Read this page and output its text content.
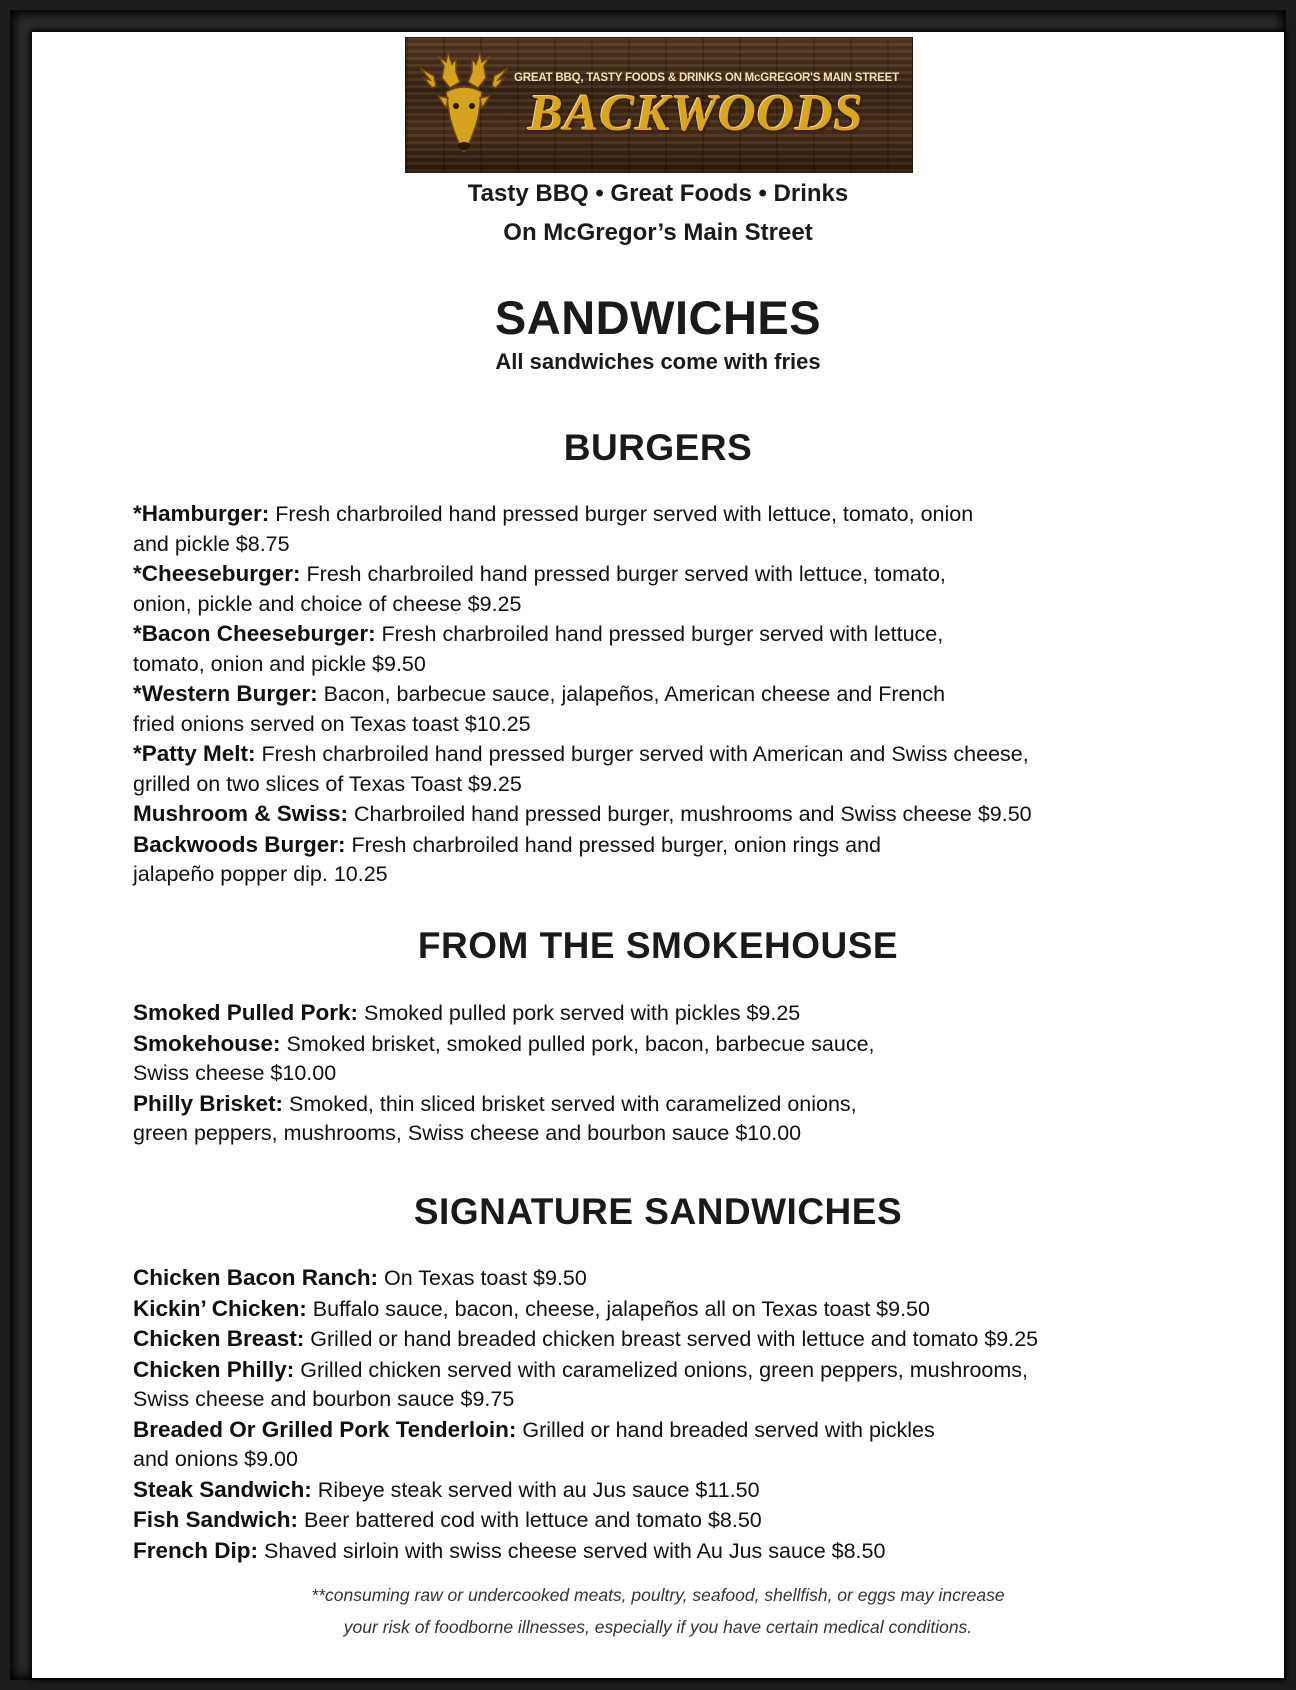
GREAT BBQ, TASTY FOODS & DRINKS ON McGREGOR'S MAIN STREET
BACKWOODS
Tasty BBQ • Great Foods • Drinks
On McGregor’s Main Street
SANDWICHES
All sandwiches come with fries
BURGERS
*Hamburger: Fresh charbroiled hand pressed burger served with lettuce, tomato, onion
and pickle $8.75
*Cheeseburger: Fresh charbroiled hand pressed burger served with lettuce, tomato,
onion, pickle and choice of cheese $9.25
*Bacon Cheeseburger: Fresh charbroiled hand pressed burger served with lettuce,
tomato, onion and pickle $9.50
*Western Burger: Bacon, barbecue sauce, jalapeños, American cheese and French
fried onions served on Texas toast $10.25
*Patty Melt: Fresh charbroiled hand pressed burger served with American and Swiss cheese,
grilled on two slices of Texas Toast $9.25
Mushroom & Swiss: Charbroiled hand pressed burger, mushrooms and Swiss cheese $9.50
Backwoods Burger: Fresh charbroiled hand pressed burger, onion rings and
jalapeño popper dip. 10.25
FROM THE SMOKEHOUSE
Smoked Pulled Pork: Smoked pulled pork served with pickles $9.25
Smokehouse: Smoked brisket, smoked pulled pork, bacon, barbecue sauce,
Swiss cheese $10.00
Philly Brisket: Smoked, thin sliced brisket served with caramelized onions,
green peppers, mushrooms, Swiss cheese and bourbon sauce $10.00
SIGNATURE SANDWICHES
Chicken Bacon Ranch: On Texas toast $9.50
Kickin’ Chicken: Buffalo sauce, bacon, cheese, jalapeños all on Texas toast $9.50
Chicken Breast: Grilled or hand breaded chicken breast served with lettuce and tomato $9.25
Chicken Philly: Grilled chicken served with caramelized onions, green peppers, mushrooms,
Swiss cheese and bourbon sauce $9.75
Breaded Or Grilled Pork Tenderloin: Grilled or hand breaded served with pickles
and onions $9.00
Steak Sandwich: Ribeye steak served with au Jus sauce $11.50
Fish Sandwich: Beer battered cod with lettuce and tomato $8.50
French Dip: Shaved sirloin with swiss cheese served with Au Jus sauce $8.50
**consuming raw or undercooked meats, poultry, seafood, shellfish, or eggs may increase
your risk of foodborne illnesses, especially if you have certain medical conditions.
